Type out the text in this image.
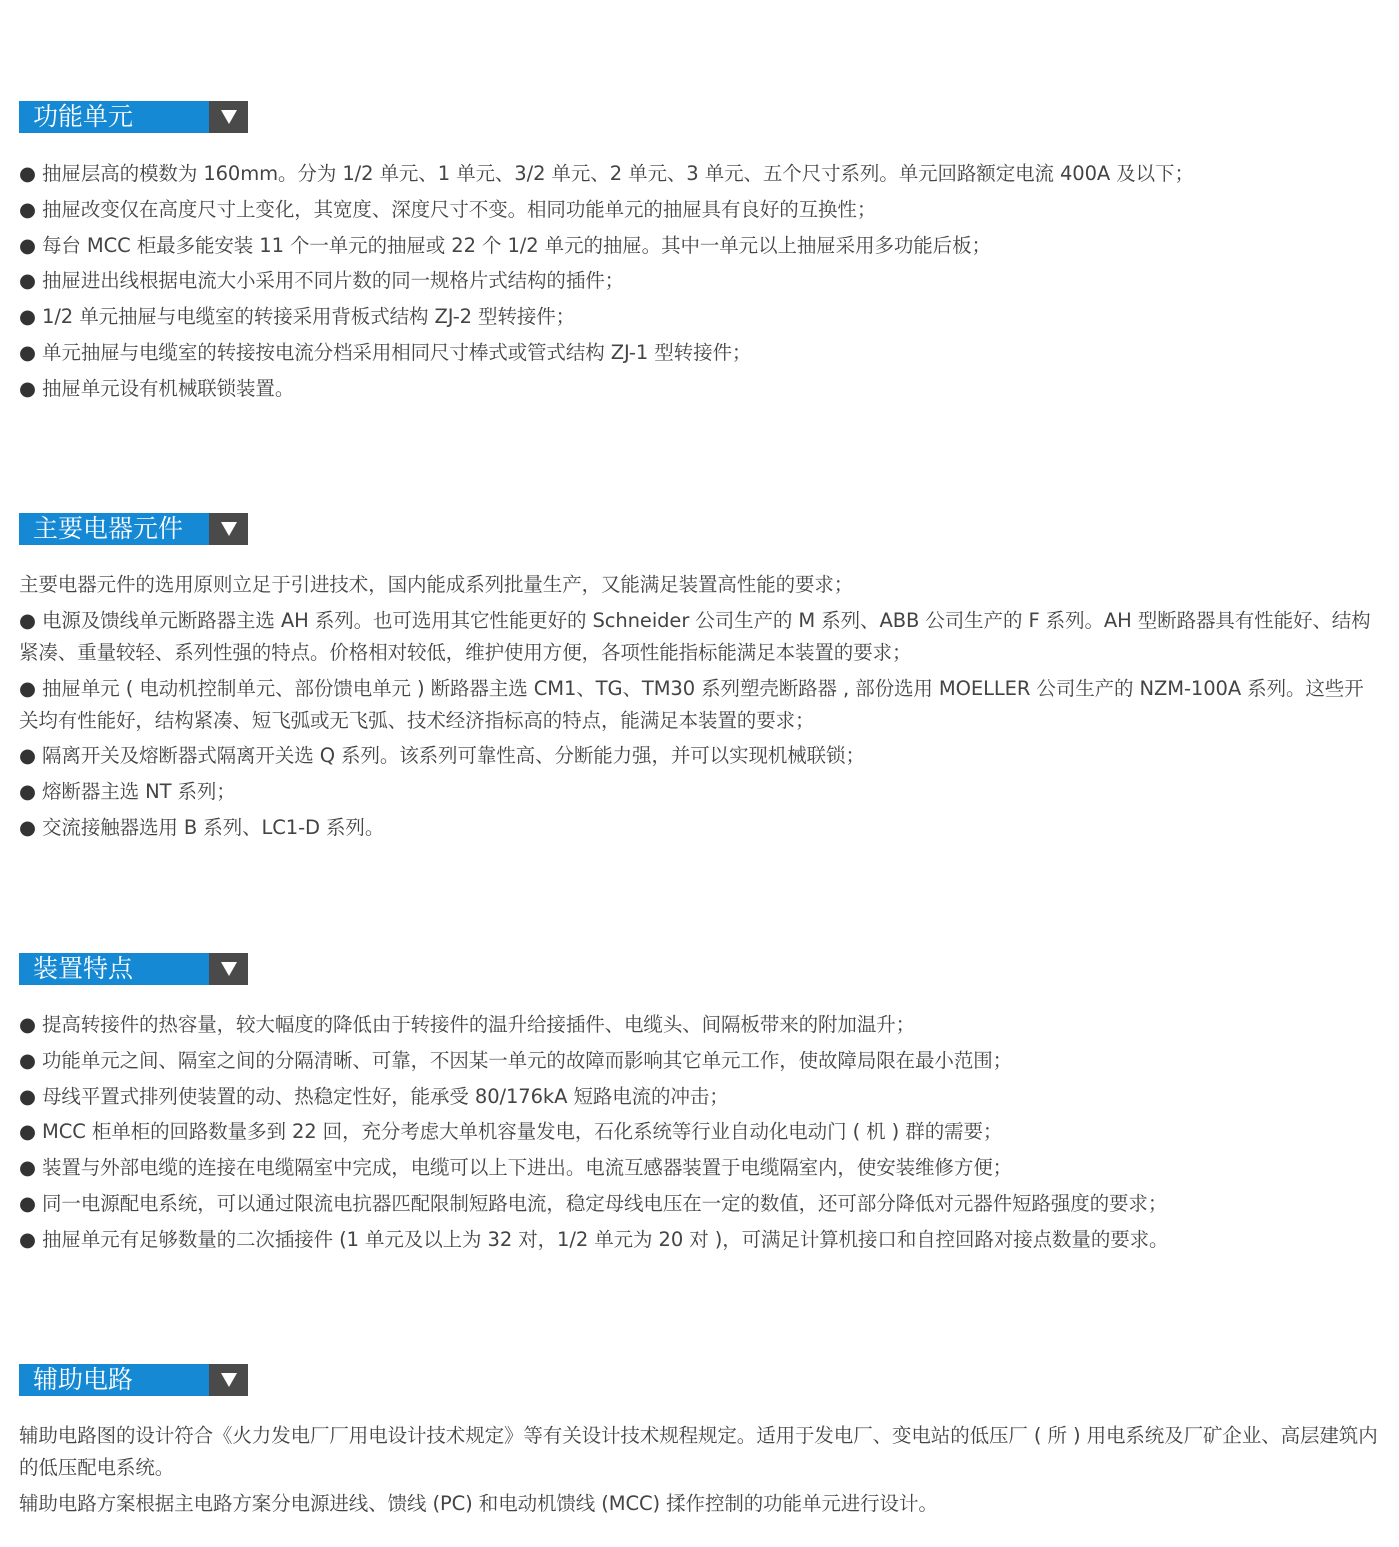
功能单元
● 抽屉层高的模数为 160mm。分为 1/2 单元、1 单元、3/2 单元、2 单元、3 单元、五个尺寸系列。单元回路额定电流 400A 及以下；
● 抽屉改变仅在高度尺寸上变化，其宽度、深度尺寸不变。相同功能单元的抽屉具有良好的互换性；
● 每台 MCC 柜最多能安装 11 个一单元的抽屉或 22 个 1/2 单元的抽屉。其中一单元以上抽屉采用多功能后板；
● 抽屉进出线根据电流大小采用不同片数的同一规格片式结构的插件；
● 1/2 单元抽屉与电缆室的转接采用背板式结构 ZJ-2 型转接件；
● 单元抽屉与电缆室的转接按电流分档采用相同尺寸棒式或管式结构 ZJ-1 型转接件；
● 抽屉单元设有机械联锁装置。
主要电器元件
主要电器元件的选用原则立足于引进技术，国内能成系列批量生产，又能满足装置高性能的要求；
● 电源及馈线单元断路器主选 AH 系列。也可选用其它性能更好的 Schneider 公司生产的 M 系列、ABB 公司生产的 F 系列。AH 型断路器具有性能好、结构紧凑、重量较轻、系列性强的特点。价格相对较低，维护使用方便，各项性能指标能满足本装置的要求；
● 抽屉单元 ( 电动机控制单元、部份馈电单元 ) 断路器主选 CM1、TG、TM30 系列塑壳断路器 , 部份选用 MOELLER 公司生产的 NZM-100A 系列。这些开关均有性能好，结构紧凑、短飞弧或无飞弧、技术经济指标高的特点，能满足本装置的要求；
● 隔离开关及熔断器式隔离开关选 Q 系列。该系列可靠性高、分断能力强，并可以实现机械联锁；
● 熔断器主选 NT 系列；
● 交流接触器选用 B 系列、LC1-D 系列。
装置特点
● 提高转接件的热容量，较大幅度的降低由于转接件的温升给接插件、电缆头、间隔板带来的附加温升；
● 功能单元之间、隔室之间的分隔清晰、可靠，不因某一单元的故障而影响其它单元工作，使故障局限在最小范围；
● 母线平置式排列使装置的动、热稳定性好，能承受 80/176kA 短路电流的冲击；
● MCC 柜单柜的回路数量多到 22 回，充分考虑大单机容量发电，石化系统等行业自动化电动门 ( 机 ) 群的需要；
● 装置与外部电缆的连接在电缆隔室中完成，电缆可以上下进出。电流互感器装置于电缆隔室内，使安装维修方便；
● 同一电源配电系统，可以通过限流电抗器匹配限制短路电流，稳定母线电压在一定的数值，还可部分降低对元器件短路强度的要求；
● 抽屉单元有足够数量的二次插接件 (1 单元及以上为 32 对，1/2 单元为 20 对 )，可满足计算机接口和自控回路对接点数量的要求。
辅助电路
辅助电路图的设计符合《火力发电厂厂用电设计技术规定》等有关设计技术规程规定。适用于发电厂、变电站的低压厂 ( 所 ) 用电系统及厂矿企业、高层建筑内的低压配电系统。
辅助电路方案根据主电路方案分电源进线、馈线 (PC) 和电动机馈线 (MCC) 揉作控制的功能单元进行设计。
